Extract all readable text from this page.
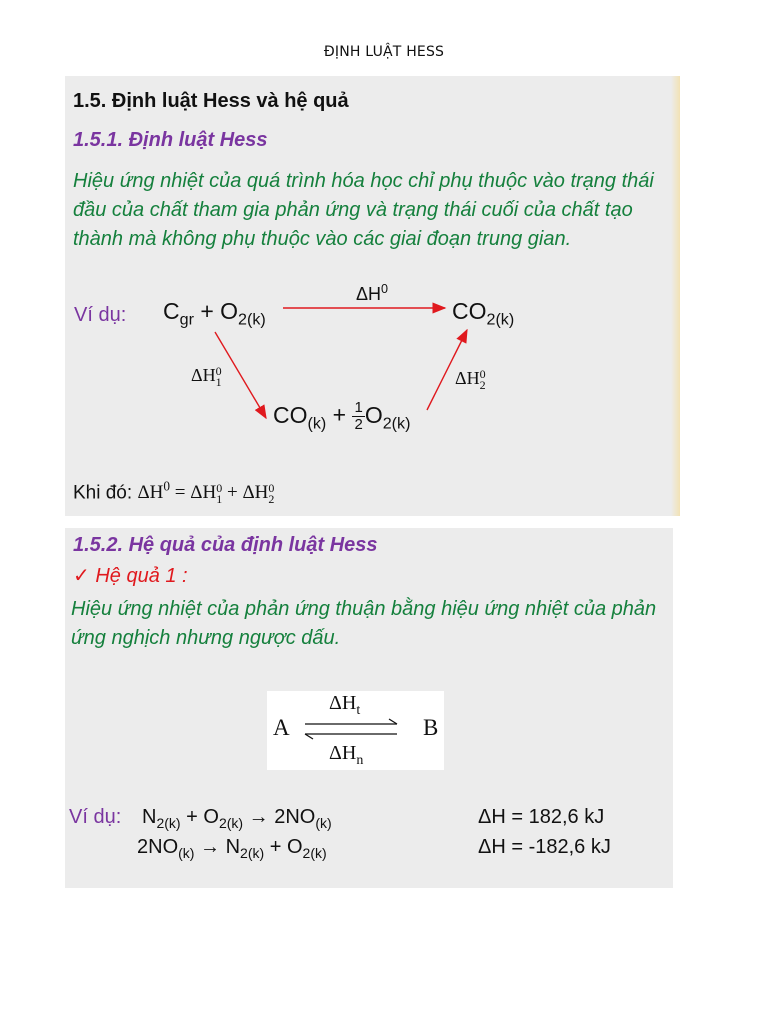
ĐỊNH LUẬT HESS
1.5. Định luật Hess và hệ quả
1.5.1. Định luật Hess
Hiệu ứng nhiệt của quá trình hóa học chỉ phụ thuộc vào trạng thái đầu của chất tham gia phản ứng và trạng thái cuối của chất tạo thành mà không phụ thuộc vào các giai đoạn trung gian.
Ví dụ: $C_{gr} + O_{2(k)}$
$\Delta H^0$
$CO_{2(k)}$
ΔH 0
1	ΔH 0
2
$CO_{(k)} + \frac{1}{2} O_{2(k)}$
Khi đó: $\Delta H^0 = \Delta H$ 0
1 + ΔH 0
2
1.5.2. Hệ quả của định luật Hess
✓ Hệ quả 1 :
Hiệu ứng nhiệt của phản ứng thuận bằng hiệu ứng nhiệt của phản ứng nghịch nhưng ngược dấu.
A	B
$\Delta H_t$
$\Delta H_n$
Ví dụ: $N_{2(k)} + O_{2(k)} \to 2NO_{(k)}$	ΔH = 182,6 kJ
$2NO_{(k)} \to N_{2(k)} + O_{2(k)}$	ΔH = -182,6 kJ
